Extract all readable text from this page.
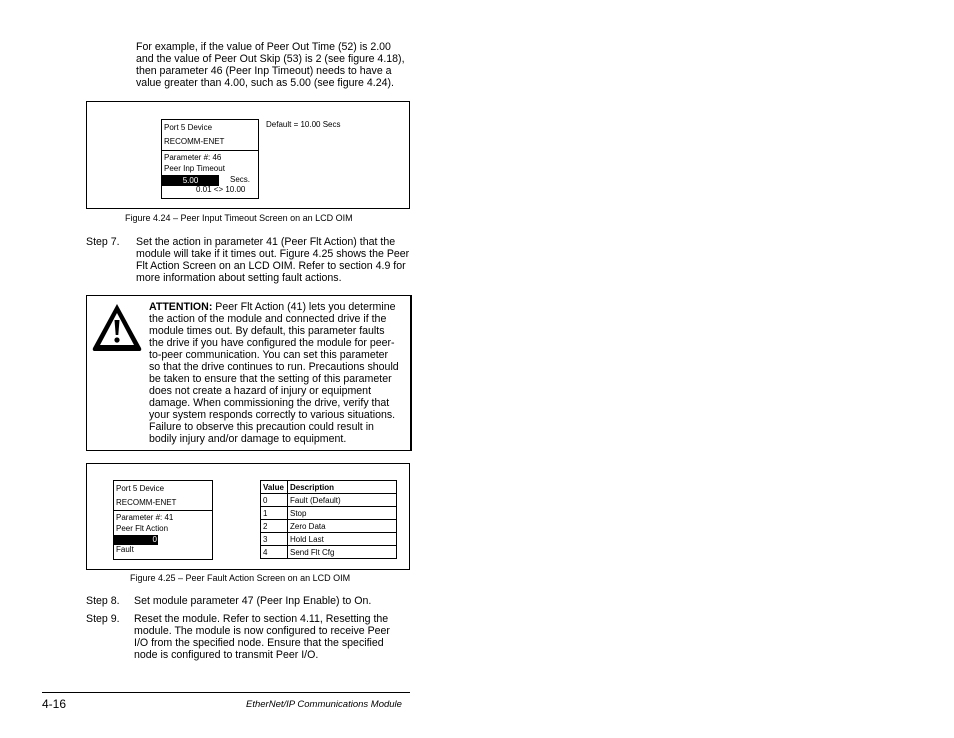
For example, if the value of Peer Out Time (52) is 2.00
and the value of Peer Out Skip (53) is 2 (see figure 4.18),
then parameter 46 (Peer Inp Timeout) needs to have a
value greater than 4.00, such as 5.00 (see figure 4.24).
Port 5 Device
RECOMM-ENET
Parameter #: 46
Peer Inp Timeout
5.00	Secs.
0.01 <> 10.00
Default = 10.00 Secs
Figure 4.24 – Peer Input Timeout Screen on an LCD OIM
Step 7. Set the action in parameter 41 (Peer Flt Action) that the
module will take if it times out. Figure 4.25 shows the Peer
Flt Action Screen on an LCD OIM. Refer to section 4.9 for
more information about setting fault actions.
ATTENTION: Peer Flt Action (41) lets you determine
the action of the module and connected drive if the
module times out. By default, this parameter faults
the drive if you have configured the module for peer-
to-peer communication. You can set this parameter
so that the drive continues to run. Precautions should
be taken to ensure that the setting of this parameter
does not create a hazard of injury or equipment
damage. When commissioning the drive, verify that
your system responds correctly to various situations.
Failure to observe this precaution could result in
bodily injury and/or damage to equipment.
Port 5 Device
RECOMM-ENET
Parameter #: 41
Peer Flt Action
0
Fault
Value	Description
0	Fault (Default)
1	Stop
2	Zero Data
3	Hold Last
4	Send Flt Cfg
Figure 4.25 – Peer Fault Action Screen on an LCD OIM
Step 8. Set module parameter 47 (Peer Inp Enable) to On.
Step 9. Reset the module. Refer to section 4.11, Resetting the
module. The module is now configured to receive Peer
I/O from the specified node. Ensure that the specified
node is configured to transmit Peer I/O.
4-16	EtherNet/IP Communications Module
